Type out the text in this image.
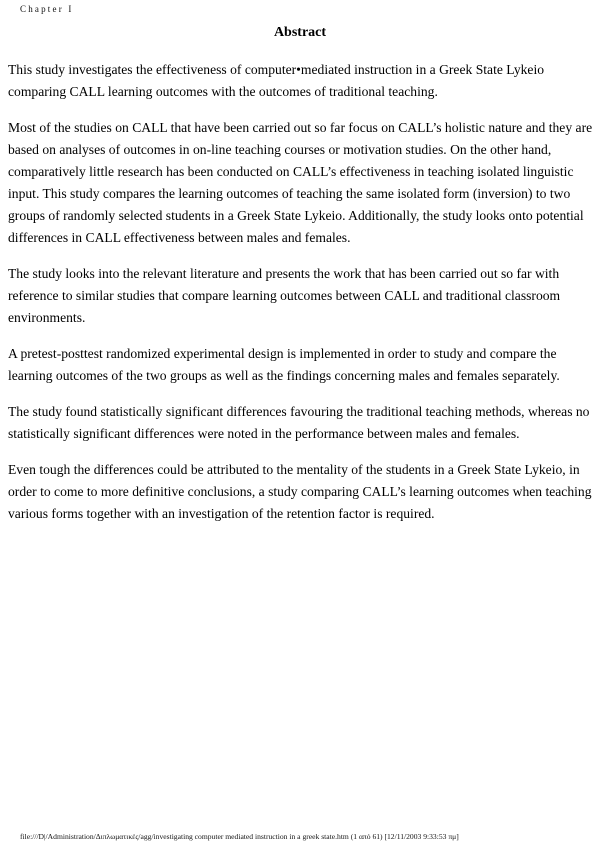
Chapter I
Abstract

This study investigates the effectiveness of computer•mediated instruction in a Greek State Lykeio comparing CALL learning outcomes with the outcomes of traditional teaching.

Most of the studies on CALL that have been carried out so far focus on CALL’s holistic nature and they are based on analyses of outcomes in on-line teaching courses or motivation studies. On the other hand, comparatively little research has been conducted on CALL’s effectiveness in teaching isolated linguistic input. This study compares the learning outcomes of teaching the same isolated form (inversion) to two groups of randomly selected students in a Greek State Lykeio. Additionally, the study looks onto potential differences in CALL effectiveness between males and females.

The study looks into the relevant literature and presents the work that has been carried out so far with reference to similar studies that compare learning outcomes between CALL and traditional classroom environments.

A pretest-posttest randomized experimental design is implemented in order to study and compare the learning outcomes of the two groups as well as the findings concerning males and females separately.

The study found statistically significant differences favouring the traditional teaching methods, whereas no statistically significant differences were noted in the performance between males and females.

Even tough the differences could be attributed to the mentality of the students in a Greek State Lykeio, in order to come to more definitive conclusions, a study comparing CALL’s learning outcomes when teaching various forms together with an investigation of the retention factor is required.

file:///D|/Administration/Διπλωματικές/agg/investigating computer mediated instruction in a greek state.htm (1 από 61) [12/11/2003 9:33:53 πμ]
